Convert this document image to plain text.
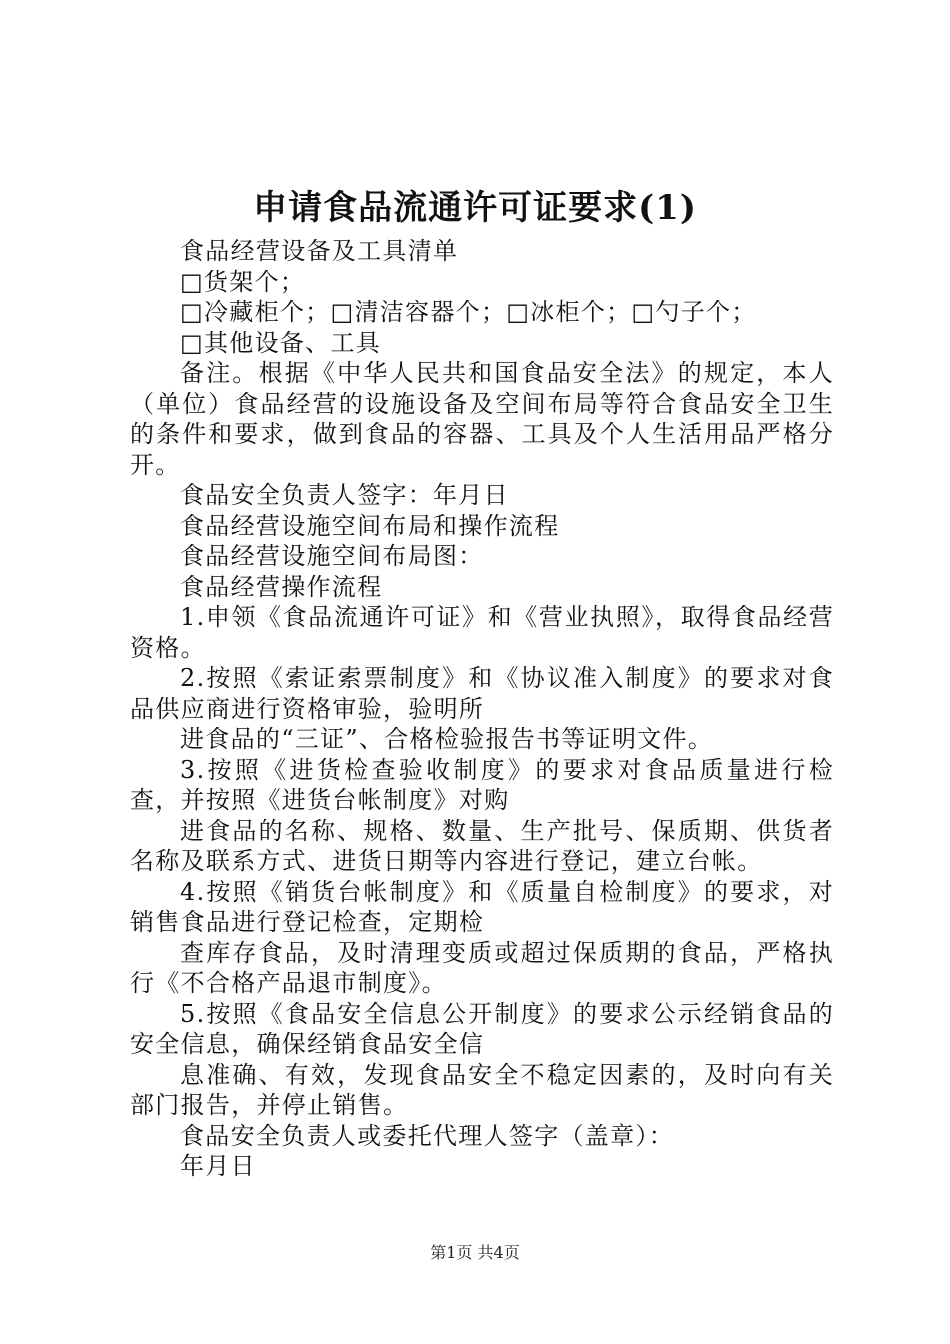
申请食品流通许可证要求(1)

食品经营设备及工具清单

□货架个；

□冷藏柜个；□清洁容器个；□冰柜个；□勺子个；

□其他设备、工具

备注。根据《中华人民共和国食品安全法》的规定，本人（单位）食品经营的设施设备及空间布局等符合食品安全卫生的条件和要求，做到食品的容器、工具及个人生活用品严格分开。

食品安全负责人签字：年月日

食品经营设施空间布局和操作流程

食品经营设施空间布局图：

食品经营操作流程

1.申领《食品流通许可证》和《营业执照》，取得食品经营资格。

2.按照《索证索票制度》和《协议准入制度》的要求对食品供应商进行资格审验，验明所

进食品的“三证”、合格检验报告书等证明文件。

3.按照《进货检查验收制度》的要求对食品质量进行检查，并按照《进货台帐制度》对购

进食品的名称、规格、数量、生产批号、保质期、供货者名称及联系方式、进货日期等内容进行登记，建立台帐。

4.按照《销货台帐制度》和《质量自检制度》的要求，对销售食品进行登记检查，定期检

查库存食品，及时清理变质或超过保质期的食品，严格执行《不合格产品退市制度》。

5.按照《食品安全信息公开制度》的要求公示经销食品的安全信息，确保经销食品安全信

息准确、有效，发现食品安全不稳定因素的，及时向有关部门报告，并停止销售。

食品安全负责人或委托代理人签字（盖章）：

年月日

第1页 共4页
